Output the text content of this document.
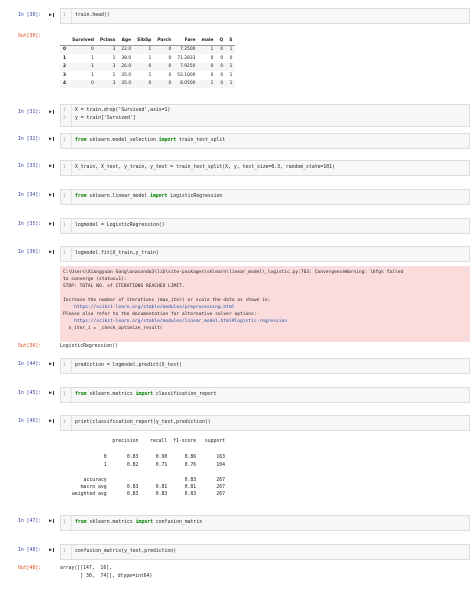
In [30]: ▶	1 train.head()
Out[30]:
	Survived	Pclass	Age	SibSp	Parch	Fare	male	Q	S
0	0	3	22.0	1	0	7.2500	1	0	1
1	1	1	38.0	1	0	71.2833	0	0	0
2	1	3	26.0	0	0	7.9250	0	0	1
3	1	1	35.0	1	0	53.1000	0	0	1
4	0	3	35.0	0	0	8.0500	1	0	1
In [31]: ▶	1
2
X = train.drop('Survived',axis=1)
y = train['Survived']
In [32]: ▶	1 from sklearn.model_selection import train_test_split
In [33]: ▶	1 X_train, X_test, y_train, y_test = train_test_split(X, y, test_size=0.3, random_state=101)
In [34]: ▶	1 from sklearn.linear_model import LogisticRegression
In [35]: ▶	1 logmodel = LogisticRegression()
In [36]: ▶	1 logmodel.fit(X_train,y_train)
C:\Users\Xiangyuan Song\anaconda3\lib\site-packages\sklearn\linear_model\_logistic.py:763: ConvergenceWarning: lbfgs failed
to converge (status=1):
STOP: TOTAL NO. of ITERATIONS REACHED LIMIT.
Increase the number of iterations (max_iter) or scale the data as shown in:
https://scikit-learn.org/stable/modules/preprocessing.html
Please also refer to the documentation for alternative solver options:
https://scikit-learn.org/stable/modules/linear_model.html#logistic-regression
n_iter_i = _check_optimize_result(
Out[36]:	LogisticRegression()
In [44]: ▶	1 prediction = logmodel.predict(X_test)
In [45]: ▶	1 from sklearn.metrics import classification_report
In [46]: ▶	1 print(classification_report(y_test,prediction))
precision    recall  f1-score   support
0       0.83      0.90      0.86       163
1       0.82      0.71      0.76       104
accuracy                           0.83       267
macro avg       0.83      0.81      0.81       267
weighted avg       0.83      0.83      0.83       267
In [47]: ▶	1 from sklearn.metrics import confusion_matrix
In [48]: ▶	1 confusion_matrix(y_test,prediction)
Out[48]:	array([[147,  16],
[ 30,  74]], dtype=int64)
